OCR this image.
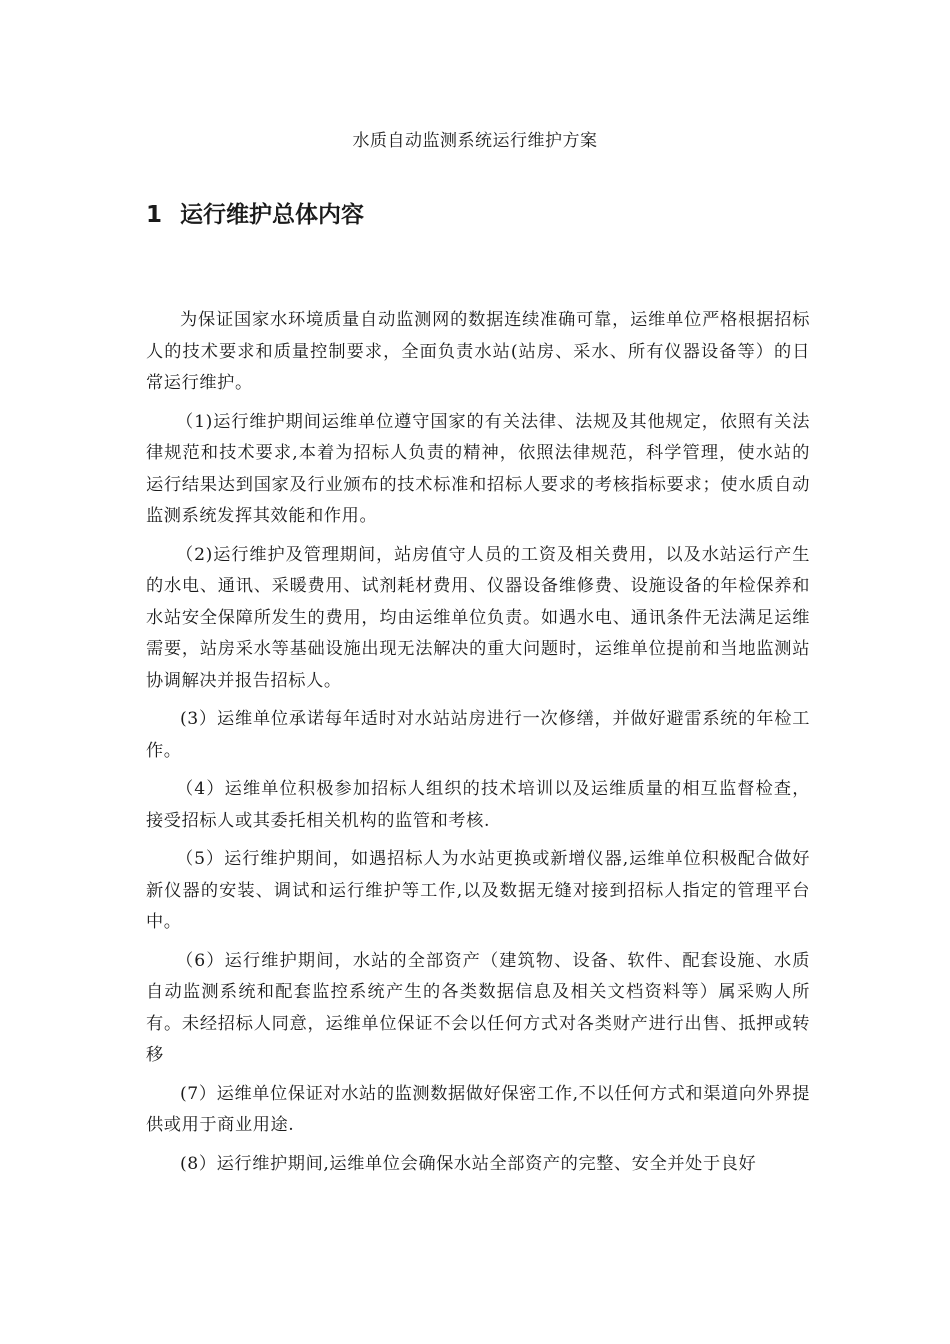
水质自动监测系统运行维护方案
1 运行维护总体内容

为保证国家水环境质量自动监测网的数据连续准确可靠，运维单位严格根据招标人的技术要求和质量控制要求，全面负责水站(站房、采水、所有仪器设备等）的日常运行维护。

（1)运行维护期间运维单位遵守国家的有关法律、法规及其他规定，依照有关法律规范和技术要求,本着为招标人负责的精神，依照法律规范，科学管理，使水站的运行结果达到国家及行业颁布的技术标准和招标人要求的考核指标要求；使水质自动监测系统发挥其效能和作用。

（2)运行维护及管理期间，站房值守人员的工资及相关费用，以及水站运行产生的水电、通讯、采暖费用、试剂耗材费用、仪器设备维修费、设施设备的年检保养和水站安全保障所发生的费用，均由运维单位负责。如遇水电、通讯条件无法满足运维需要，站房采水等基础设施出现无法解决的重大问题时，运维单位提前和当地监测站协调解决并报告招标人。

(3）运维单位承诺每年适时对水站站房进行一次修缮，并做好避雷系统的年检工作。

（4）运维单位积极参加招标人组织的技术培训以及运维质量的相互监督检查，接受招标人或其委托相关机构的监管和考核.

（5）运行维护期间，如遇招标人为水站更换或新增仪器,运维单位积极配合做好新仪器的安装、调试和运行维护等工作,以及数据无缝对接到招标人指定的管理平台中。

（6）运行维护期间，水站的全部资产（建筑物、设备、软件、配套设施、水质自动监测系统和配套监控系统产生的各类数据信息及相关文档资料等）属采购人所有。未经招标人同意，运维单位保证不会以任何方式对各类财产进行出售、抵押或转移

(7）运维单位保证对水站的监测数据做好保密工作,不以任何方式和渠道向外界提供或用于商业用途.

(8）运行维护期间,运维单位会确保水站全部资产的完整、安全并处于良好
